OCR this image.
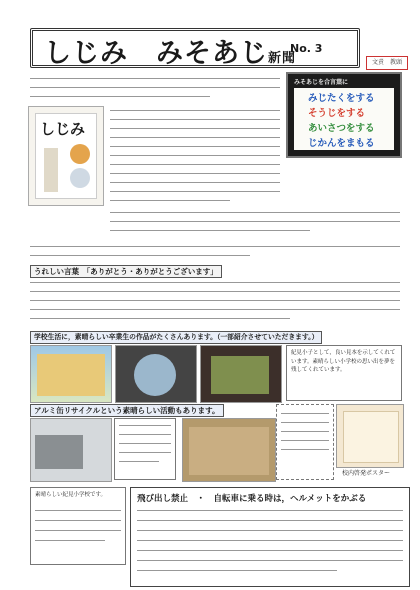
しじみ　みそあじ新聞
No. 3
文責　教頭
しじみ
みそあじを合言葉に
みじたくをする
そうじをする
あいさつをする
じかんをまもる
うれしい言葉　「ありがとう・ありがとうございます」
学校生活に，素晴らしい卒業生の作品がたくさんあります。（一部紹介させていただきます。）
紀見小子として，良い見本を示してくれています。素晴らしい小学校の思い出を夢を残してくれています。
アルミ缶リサイクルという素晴らしい活動もあります。
校内啓発ポスター
素晴らしい紀見小学校です。	飛び出し禁止　・　自転車に乗る時は，ヘルメットをかぶる
